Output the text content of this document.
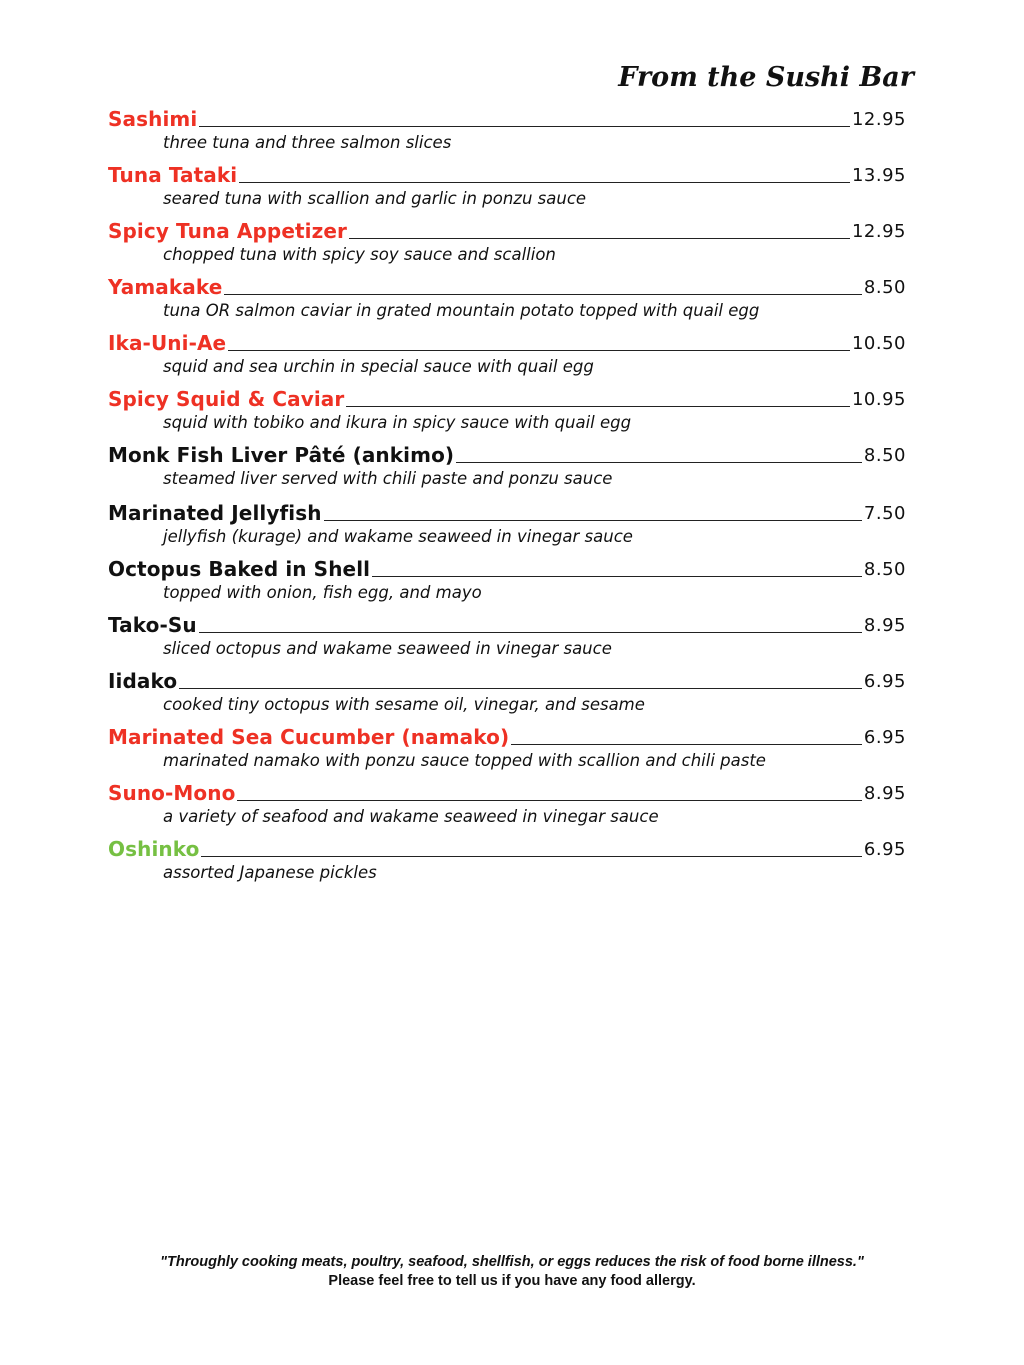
From the Sushi Bar
Sashimi	12.95
three tuna and three salmon slices
Tuna Tataki	13.95
seared tuna with scallion and garlic in ponzu sauce
Spicy Tuna Appetizer	12.95
chopped tuna with spicy soy sauce and scallion
Yamakake	8.50
tuna OR salmon caviar in grated mountain potato topped with quail egg
Ika-Uni-Ae	10.50
squid and sea urchin in special sauce with quail egg
Spicy Squid & Caviar	10.95
squid with tobiko and ikura in spicy sauce with quail egg
Monk Fish Liver Pâté (ankimo)	8.50
steamed liver served with chili paste and ponzu sauce
Marinated Jellyfish	7.50
jellyfish (kurage) and wakame seaweed in vinegar sauce
Octopus Baked in Shell	8.50
topped with onion, fish egg, and mayo
Tako-Su	8.95
sliced octopus and wakame seaweed in vinegar sauce
Iidako	6.95
cooked tiny octopus with sesame oil, vinegar, and sesame
Marinated Sea Cucumber (namako)	6.95
marinated namako with ponzu sauce topped with scallion and chili paste
Suno-Mono	8.95
a variety of seafood and wakame seaweed in vinegar sauce
Oshinko	6.95
assorted Japanese pickles
"Throughly cooking meats, poultry, seafood, shellfish, or eggs reduces the risk of food borne illness."
Please feel free to tell us if you have any food allergy.
